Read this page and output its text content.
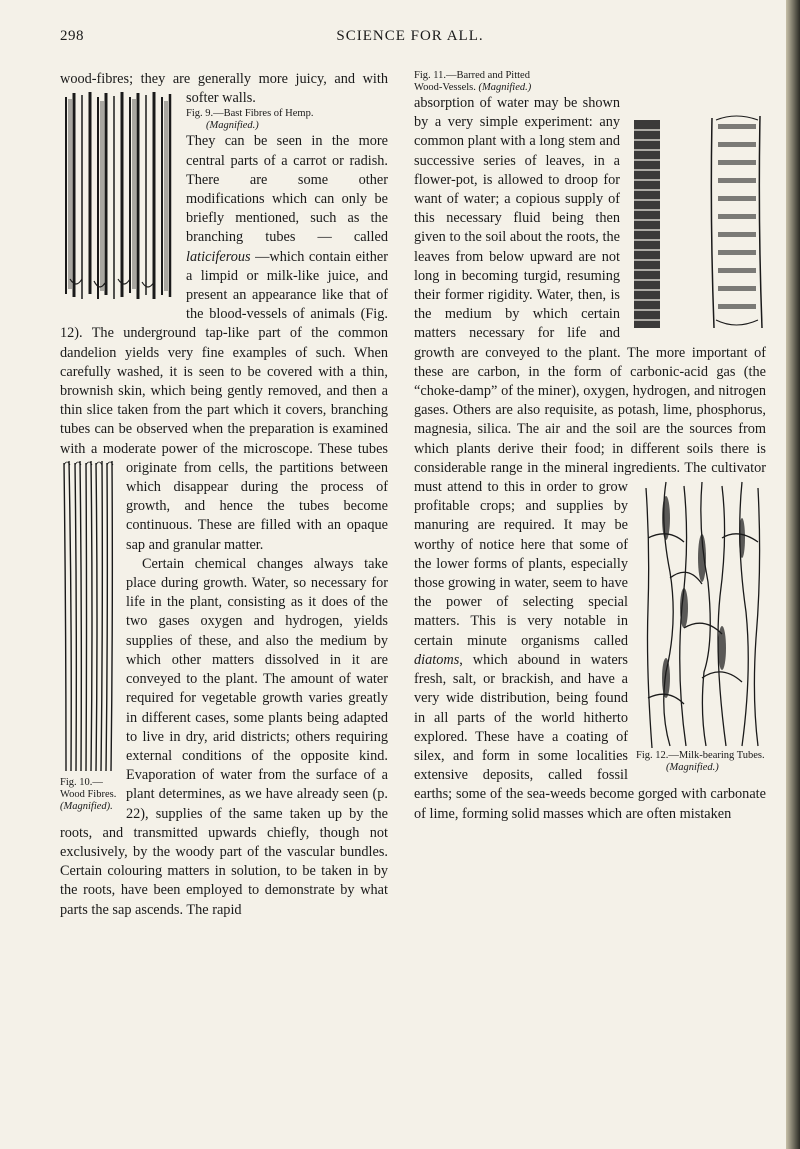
298	SCIENCE FOR ALL.

wood-fibres; they are generally more juicy, and with softer walls.

Fig. 9.—Bast Fibres of Hemp.
(Magnified.)
They can be seen in the more central parts of a carrot or radish. There are some other modifications which can only be briefly mentioned, such as the branching tubes — called laticiferous —which contain either a limpid or milk-like juice, and present an appearance like that of the blood-vessels of animals (Fig. 12). The underground tap-like part of the common dandelion yields very fine examples of such. When carefully washed, it is seen to be covered with a thin, brownish skin, which being gently removed, and then a thin slice taken from the part which it covers, branching tubes can be observed when the preparation is examined with a moderate power of the microscope. These tubes originate from cells, the partitions between
Fig. 10.—
Wood Fibres.
(Magnified).
which disappear during the process of growth, and hence the tubes become continuous. These are filled with an opaque sap and granular matter.

Certain chemical changes always take place during growth. Water, so necessary for life in the plant, consisting as it does of the two gases oxygen and hydrogen, yields supplies of these, and also the medium by which other matters dissolved in it are conveyed to the plant. The amount of water required for vegetable growth varies greatly in different cases, some plants being adapted to live in dry, arid districts; others requiring external conditions of the opposite kind. Evaporation of water from the surface of a plant determines, as we have already seen (p. 22), supplies of the same taken up by the roots, and transmitted upwards chiefly, though not exclusively, by the woody part of the vascular bundles. Certain colouring matters in solution, to be taken in by the roots, have been employed to demonstrate by what parts the sap ascends. The rapid

Fig. 11.—Barred and Pitted
Wood-Vessels. (Magnified.)
absorption of water may be shown by a very simple experiment: any common plant with a long stem and successive series of leaves, in a flower-pot, is allowed to droop for want of water; a copious supply of this necessary fluid being then given to the soil about the roots, the leaves from below upward are not long in becoming turgid, resuming their former rigidity. Water, then, is the medium by which certain matters necessary for life and growth are conveyed to the plant. The more important of these are carbon, in the form of carbonic-acid gas (the “choke-damp” of the miner), oxygen, hydrogen, and nitrogen gases. Others are also requisite, as potash, lime, phosphorus, magnesia, silica. The air and the soil are the sources from which plants derive their food; in different soils there is considerable range in the mineral ingredients. The cultivator must attend to this in order
Fig. 12.—Milk-bearing Tubes.
(Magnified.)
to grow profitable crops; and supplies by manuring are required. It may be worthy of notice here that some of the lower forms of plants, especially those growing in water, seem to have the power of selecting special matters. This is very notable in certain minute organisms called diatoms, which abound in waters fresh, salt, or brackish, and have a very wide distribution, being found in all parts of the world hitherto explored. These have a coating of silex, and form in some localities extensive deposits, called fossil earths; some of the sea-weeds become gorged with carbonate of lime, forming solid masses which are often mistaken
